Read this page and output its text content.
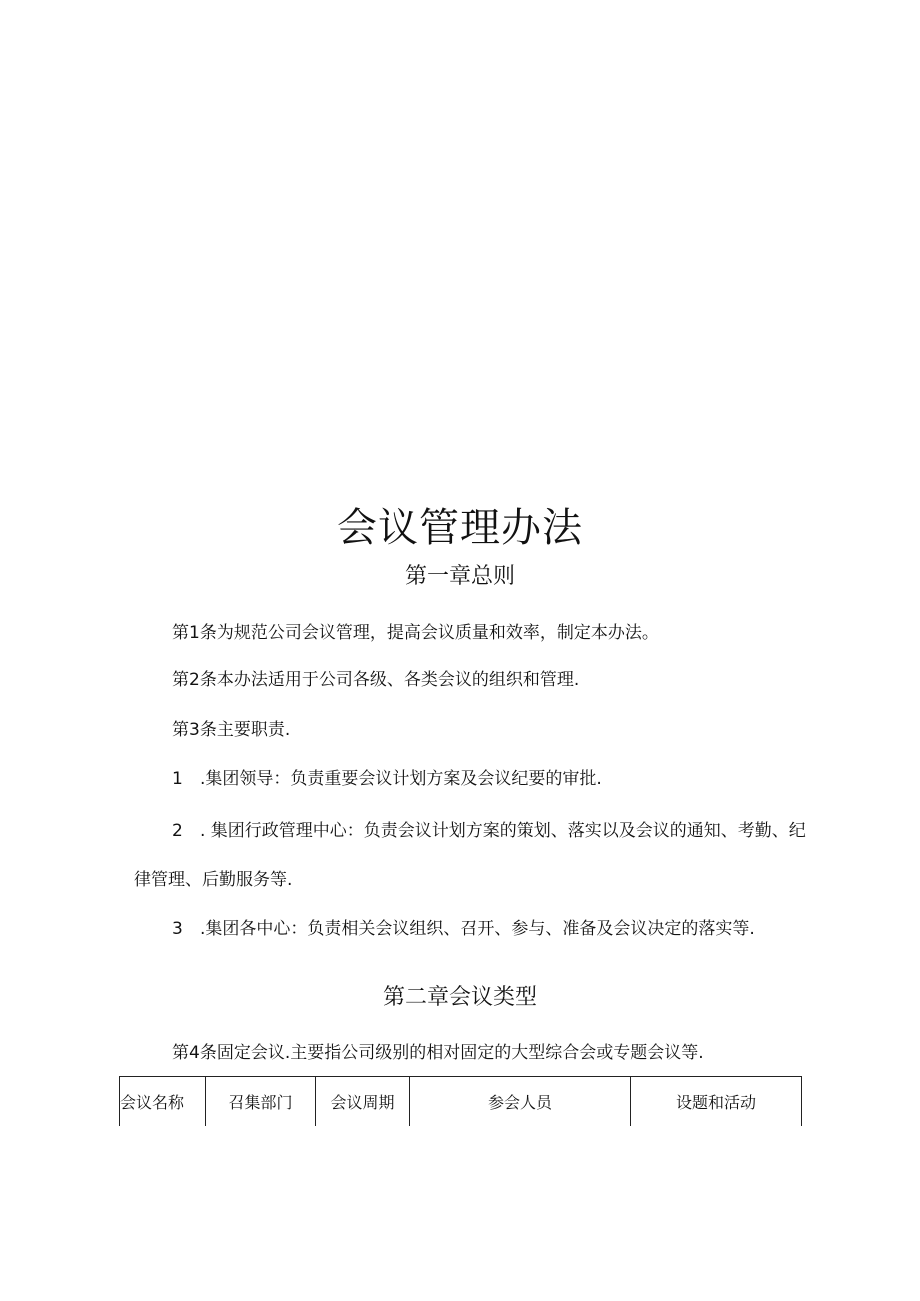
会议管理办法
第一章总则
第1条为规范公司会议管理，提高会议质量和效率，制定本办法。
第2条本办法适用于公司各级、各类会议的组织和管理.
第3条主要职责.
1 .集团领导：负责重要会议计划方案及会议纪要的审批.
2 . 集团行政管理中心：负责会议计划方案的策划、落实以及会议的通知、考勤、纪
律管理、后勤服务等.
3 .集团各中心：负责相关会议组织、召开、参与、准备及会议决定的落实等.
第二章会议类型
第4条固定会议.主要指公司级别的相对固定的大型综合会或专题会议等.
会议名称	召集部门	会议周期	参会人员	设题和活动
